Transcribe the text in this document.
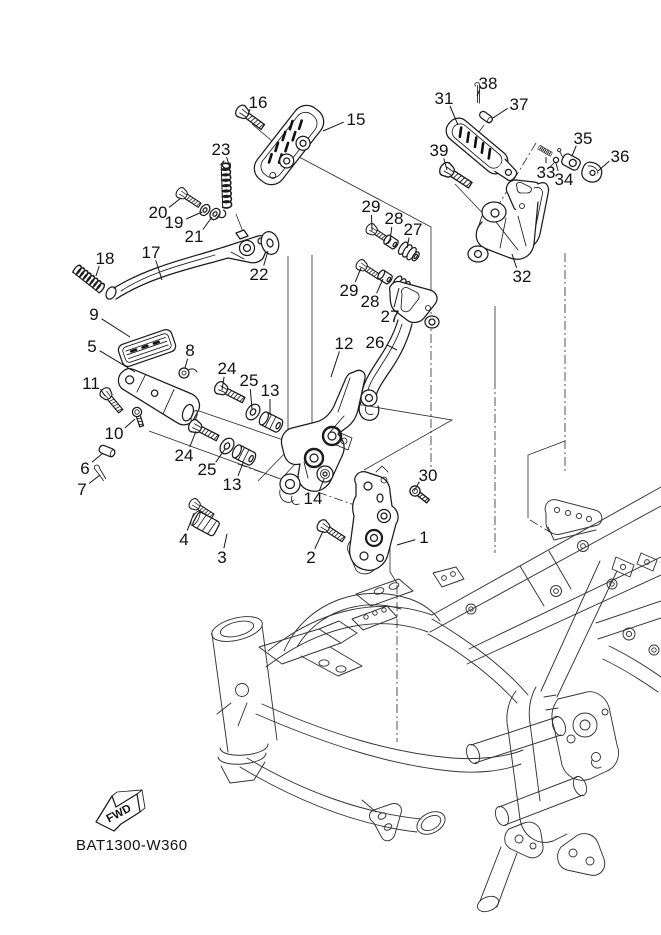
FWD
BAT1300-W360
1
2
3
4
5
6
7
8
9
10
11
12
13
13
14
15
16
17
18
19
20
21
22
23
24
24
25
25
26
27
27
28
28
29
29
30
31
32
33 34
35
36
37
38
39
